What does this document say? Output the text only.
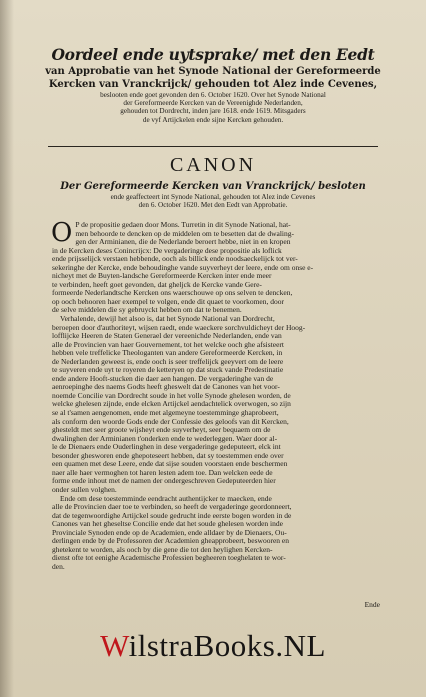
Oordeel ende uytsprake/ met den Eedt
van Approbatie van het Synode National der Gereformeerde Kercken van Vranckrijck/ gehouden tot Alez inde Cevenes,
beslooten ende goet gevonden den 6. October 1620. Over het Synode National
der Gereformeerde Kercken van de Vereenighde Nederlanden,
gehouden tot Dordrecht, inden jare 1618. ende 1619. Mitsgaders
de vyf Artijckelen ende sijne Kercken gehouden.
CANON
Der Gereformeerde Kercken van Vranckrijck/ besloten
ende geaffecteert int Synode National, gehouden tot Alez inde Cevenes
den 6. October 1620. Met den Eedt van Approbatie.
O P de propositie gedaen door Mons. Turretin in dit Synode National, hat-
men behoorde te dencken op de middelen om te besetten dat de dwaling-
gen der Arminianen, die de Nederlande beroert hebbe, niet in en kropen
in de Kercken deses Conincrijcx: De vergaderinge dese propositie als loflick
ende prijsselijck verstaen hebbende, ooch als billick ende noodsaeckelijck tot ver-
sekeringhe der Kercke, ende behoudinghe vande suyverheyt der leere, ende om onse e-
nicheyt met de Buyten-landsche Gereformeerde Kercken inter ende meer
te verbinden, heeft goet gevonden, dat gheljck de Kercke vande Gere-
formeerde Nederlandtsche Kercken ons waerschouwe op ons selven te dencken,
op ooch behooren haer exempel te volgen, ende dit quaet te voorkomen, door
de selve middelen die sy gebruyckt hebben om dat te benemen.
Verhalende, dewijl het alsoo is, dat het Synode National van Dordrecht,
beroepen door d'authoriteyt, wijsen raedt, ende waeckere sorchvuldicheyt der Hoog-
lofflijcke Heeren de Staten Generael der vereenichde Nederlanden, ende van
alle de Provincien van haer Gouvernement, tot het welcke ooch ghe afsisteert
hebben vele treffelicke Theologanten van andere Gereformeerde Kercken, in
de Nederlanden geweest is, ende ooch is seer treffelijck geeyvert om de leere
te suyveren ende uyt te royeren de ketteryen op dat stuck vande Predestinatie
ende andere Hooft-stucken die daer aen hangen. De vergaderinghe van de
aenroepinghe des naems Godts heeft gheswelt dat de Canones van het voor-
noemde Concilie van Dordrecht soude in het volle Synode ghelesen worden, de
welcke ghelesen zijnde, ende elcken Artijckel aendachtelick overwogen, so zijn
se al t'samen aengenomen, ende met algemeyne toestemminge ghaprobeert,
als conform den woorde Gods ende der Confessie des geloofs van dit Kercken,
ghesteldt met seer groote wijsheyt ende suyverheyt, seer bequaem om de
dwalinghen der Arminianen t'onderken ende te wederleggen. Waer door al-
le de Dienaers ende Ouderlinghen in dese vergaderinge gedeputeert, elck int
besonder ghesworen ende ghepoteseert hebben, dat sy toestemmen ende over
een quamen met dese Leere, ende dat sijse souden voorstaen ende beschermen
naer alle haer vermoghen tot haren lesten adem toe. Dan welcken eede de
forme ende inhout met de namen der ondergeschreven Gedeputeerden hier
onder sullen volghen.
Ende om dese toestemminde eendracht authentijcker te maecken, ende
alle de Provincien daer toe te verbinden, so heeft de vergaderinge geordonneert,
dat de tegenwoordighe Artijckel soude gedrucht inde eerste bogen worden in de
Canones van het gheseltse Concilie ende dat het soude ghelesen worden inde
Provinciale Synoden ende op de Academien, ende alldaer by de Dienaers, Ou-
derlingen ende by de Professoren der Academien gheapprobeert, beswooren en
ghetekent te worden, als ooch by die gene die tot den heylighen Kercken-
dienst ofte tot eenighe Academische Professien begheeren toeghelaten te wor-
den.
Ende
WilstraBooks.NL
